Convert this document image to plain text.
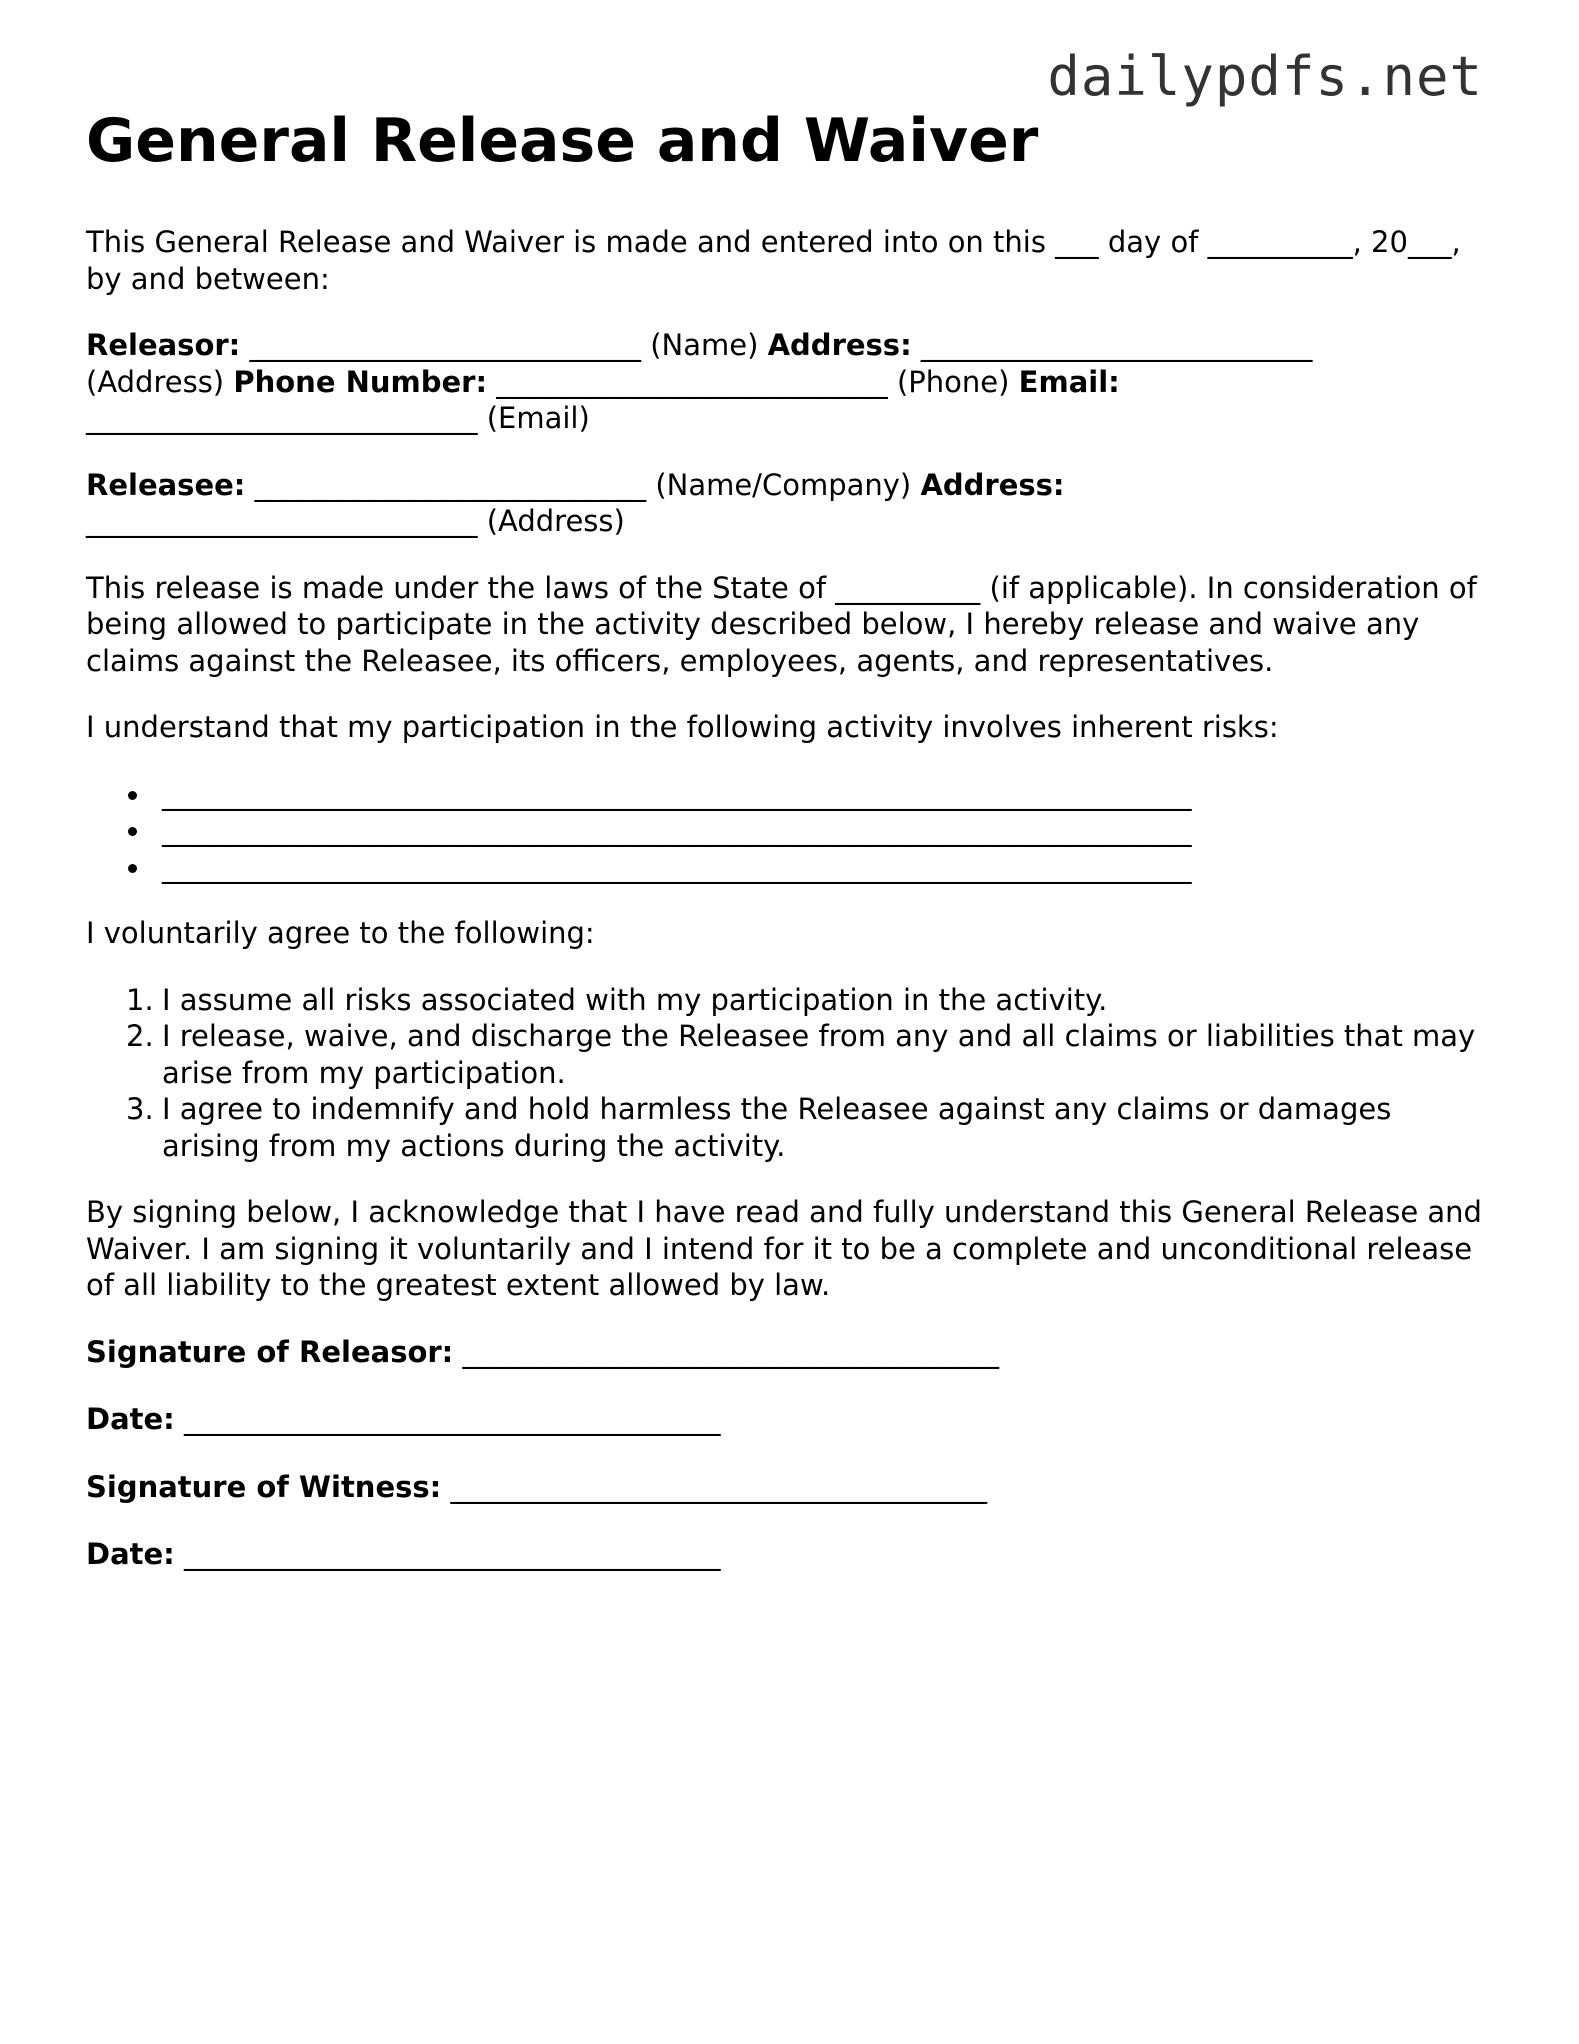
dailypdfs.net
General Release and Waiver

This General Release and Waiver is made and entered into on this ___ day of __________, 20___, by and between:

Releasor: ___________________________ (Name) Address: ___________________________
(Address) Phone Number: ___________________________ (Phone) Email:
___________________________ (Email)

Releasee: ___________________________ (Name/Company) Address:
___________________________ (Address)

This release is made under the laws of the State of __________ (if applicable). In consideration of being allowed to participate in the activity described below, I hereby release and waive any claims against the Releasee, its officers, employees, agents, and representatives.

I understand that my participation in the following activity involves inherent risks:

_______________________________________________________________________
_______________________________________________________________________
_______________________________________________________________________

I voluntarily agree to the following:

1. I assume all risks associated with my participation in the activity.
2. I release, waive, and discharge the Releasee from any and all claims or liabilities that may arise from my participation.
3. I agree to indemnify and hold harmless the Releasee against any claims or damages arising from my actions during the activity.

By signing below, I acknowledge that I have read and fully understand this General Release and Waiver. I am signing it voluntarily and I intend for it to be a complete and unconditional release of all liability to the greatest extent allowed by law.

Signature of Releasor: _____________________________________

Date: _____________________________________

Signature of Witness: _____________________________________

Date: _____________________________________
